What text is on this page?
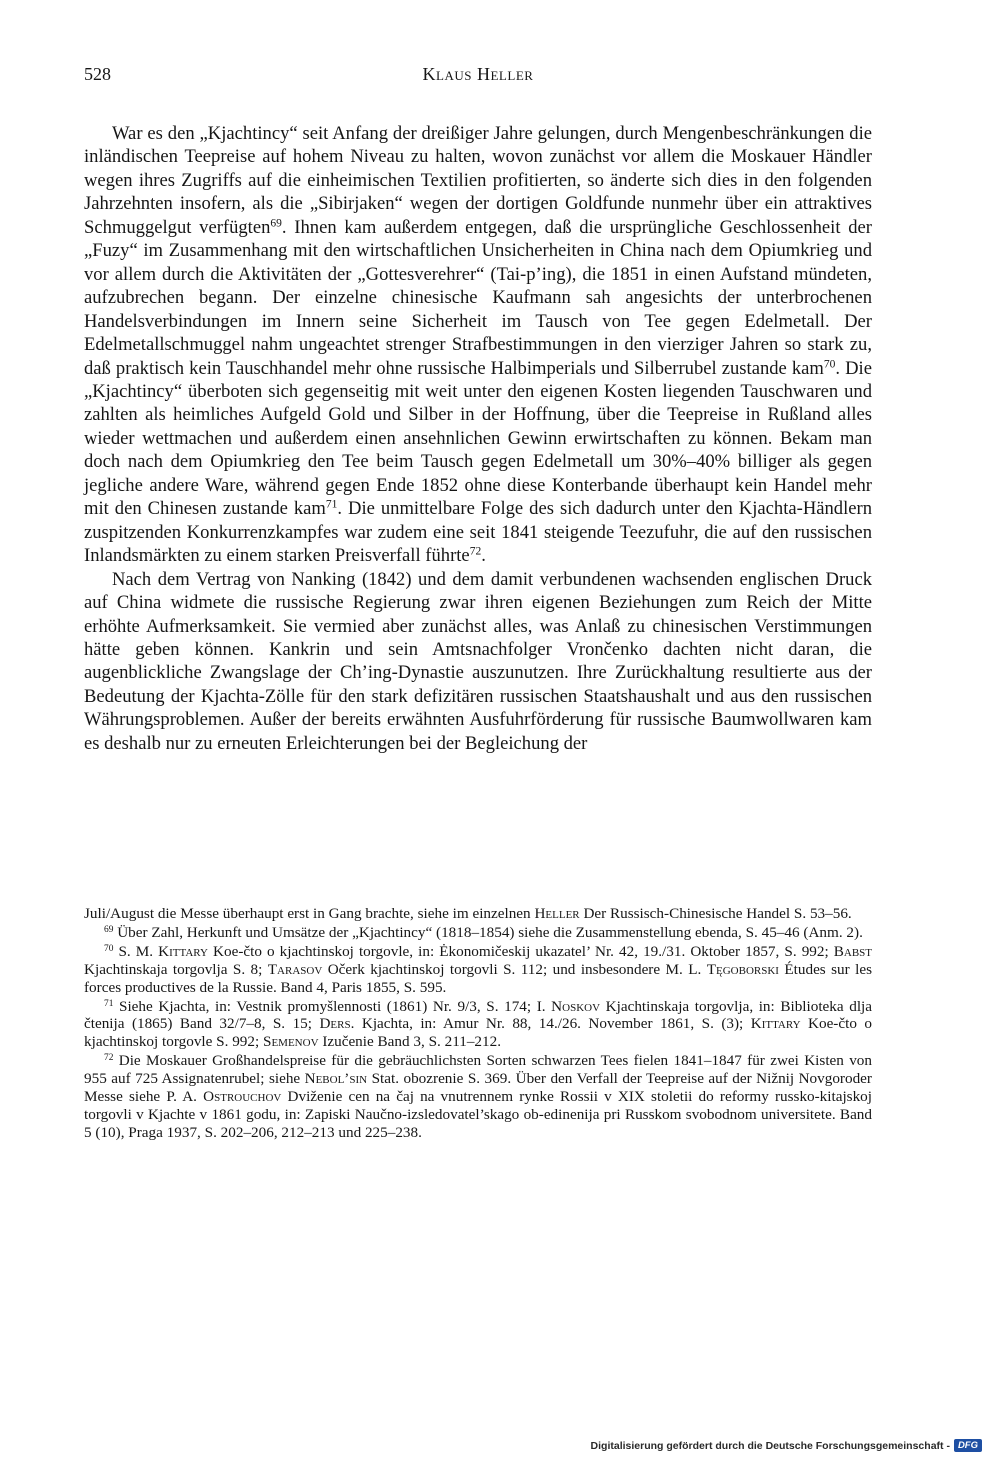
528	Klaus Heller

War es den „Kjachtincy“ seit Anfang der dreißiger Jahre gelungen, durch Mengenbeschränkungen die inländischen Teepreise auf hohem Niveau zu halten, wovon zunächst vor allem die Moskauer Händler wegen ihres Zugriffs auf die einheimischen Textilien profitierten, so änderte sich dies in den folgenden Jahrzehnten insofern, als die „Sibirjaken“ wegen der dortigen Goldfunde nunmehr über ein attraktives Schmuggelgut verfügten$^{69}$. Ihnen kam außerdem entgegen, daß die ursprüngliche Geschlossenheit der „Fuzy“ im Zusammenhang mit den wirtschaftlichen Unsicherheiten in China nach dem Opiumkrieg und vor allem durch die Aktivitäten der „Gottesverehrer“ (Tai-p’ing), die 1851 in einen Aufstand mündeten, aufzubrechen begann. Der einzelne chinesische Kaufmann sah angesichts der unterbrochenen Handelsverbindungen im Innern seine Sicherheit im Tausch von Tee gegen Edelmetall. Der Edelmetallschmuggel nahm ungeachtet strenger Strafbestimmungen in den vierziger Jahren so stark zu, daß praktisch kein Tauschhandel mehr ohne russische Halbimperials und Silberrubel zustande kam$^{70}$. Die „Kjachtincy“ überboten sich gegenseitig mit weit unter den eigenen Kosten liegenden Tauschwaren und zahlten als heimliches Aufgeld Gold und Silber in der Hoffnung, über die Teepreise in Rußland alles wieder wettmachen und außerdem einen ansehnlichen Gewinn erwirtschaften zu können. Bekam man doch nach dem Opiumkrieg den Tee beim Tausch gegen Edelmetall um 30%–40% billiger als gegen jegliche andere Ware, während gegen Ende 1852 ohne diese Konterbande überhaupt kein Handel mehr mit den Chinesen zustande kam$^{71}$. Die unmittelbare Folge des sich dadurch unter den Kjachta-Händlern zuspitzenden Konkurrenzkampfes war zudem eine seit 1841 steigende Teezufuhr, die auf den russischen Inlandsmärkten zu einem starken Preisverfall führte$^{72}$.

Nach dem Vertrag von Nanking (1842) und dem damit verbundenen wachsenden englischen Druck auf China widmete die russische Regierung zwar ihren eigenen Beziehungen zum Reich der Mitte erhöhte Aufmerksamkeit. Sie vermied aber zunächst alles, was Anlaß zu chinesischen Verstimmungen hätte geben können. Kankrin und sein Amtsnachfolger Vrončenko dachten nicht daran, die augenblickliche Zwangslage der Ch’ing-Dynastie auszunutzen. Ihre Zurückhaltung resultierte aus der Bedeutung der Kjachta-Zölle für den stark defizitären russischen Staatshaushalt und aus den russischen Währungsproblemen. Außer der bereits erwähnten Ausfuhrförderung für russische Baumwollwaren kam es deshalb nur zu erneuten Erleichterungen bei der Begleichung der

Juli/August die Messe überhaupt erst in Gang brachte, siehe im einzelnen Heller Der Russisch-Chinesische Handel S. 53–56.

$^{69}$ Über Zahl, Herkunft und Umsätze der „Kjachtincy“ (1818–1854) siehe die Zusammenstellung ebenda, S. 45–46 (Anm. 2).

$^{70}$ S. M. Kittary Koe-čto o kjachtinskoj torgovle, in: Ėkonomičeskij ukazatel’ Nr. 42, 19./31. Oktober 1857, S. 992; Babst Kjachtinskaja torgovlja S. 8; Tarasov Očerk kjachtinskoj torgovli S. 112; und insbesondere M. L. Tęgoborski Études sur les forces productives de la Russie. Band 4, Paris 1855, S. 595.

$^{71}$ Siehe Kjachta, in: Vestnik promyšlennosti (1861) Nr. 9/3, S. 174; I. Noskov Kjachtinskaja torgovlja, in: Biblioteka dlja čtenija (1865) Band 32/7–8, S. 15; Ders. Kjachta, in: Amur Nr. 88, 14./26. November 1861, S. (3); Kittary Koe-čto o kjachtinskoj torgovle S. 992; Semenov Izučenie Band 3, S. 211–212.

$^{72}$ Die Moskauer Großhandelspreise für die gebräuchlichsten Sorten schwarzen Tees fielen 1841–1847 für zwei Kisten von 955 auf 725 Assignatenrubel; siehe Nebol’sin Stat. obozrenie S. 369. Über den Verfall der Teepreise auf der Nižnij Novgoroder Messe siehe P. A. Ostrouchov Dviženie cen na čaj na vnutrennem rynke Rossii v XIX stoletii do reformy russko-kitajskoj torgovli v Kjachte v 1861 godu, in: Zapiski Naučno-izsledovatel’skago ob-edinenija pri Russkom svobodnom universitete. Band 5 (10), Praga 1937, S. 202–206, 212–213 und 225–238.

Digitalisierung gefördert durch die Deutsche Forschungsgemeinschaft - DFG
